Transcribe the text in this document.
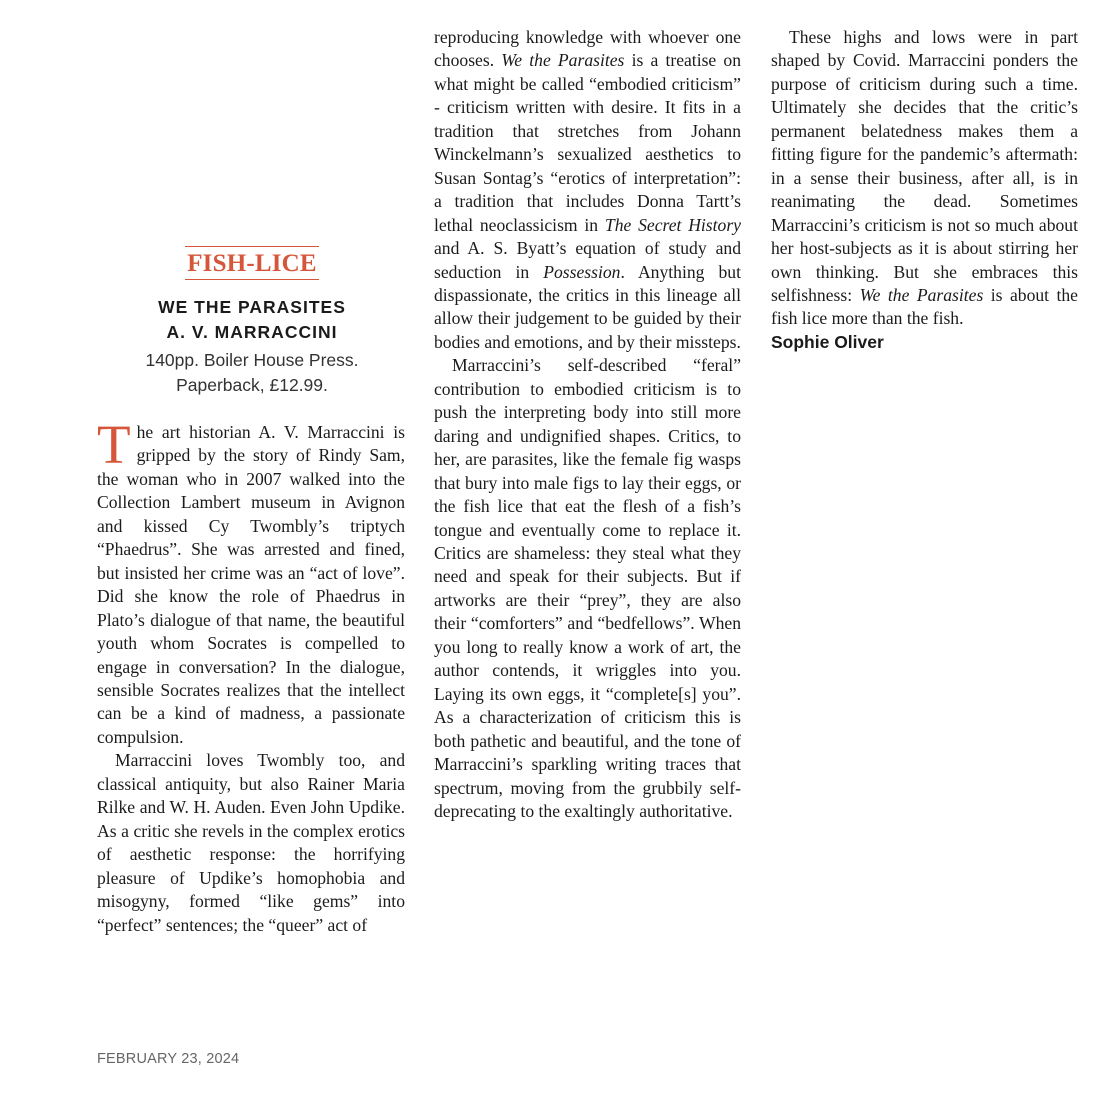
FISH-LICE
WE THE PARASITES
A. V. MARRACCINI
140pp. Boiler House Press.
Paperback, £12.99.

The art historian A. V. Marraccini is gripped by the story of Rindy Sam, the woman who in 2007 walked into the Collection Lambert museum in Avignon and kissed Cy Twombly’s triptych “Phaedrus”. She was arrested and fined, but insisted her crime was an “act of love”. Did she know the role of Phaedrus in Plato’s dialogue of that name, the beautiful youth whom Socrates is compelled to engage in conversation? In the dialogue, sensible Socrates realizes that the intellect can be a kind of madness, a passionate compulsion.

Marraccini loves Twombly too, and classical antiquity, but also Rainer Maria Rilke and W. H. Auden. Even John Updike. As a critic she revels in the complex erotics of aesthetic response: the horrifying pleasure of Updike’s homophobia and misogyny, formed “like gems” into “perfect” sentences; the “queer” act of

reproducing knowledge with whoever one chooses. We the Parasites is a treatise on what might be called “embodied criticism” - criticism written with desire. It fits in a tradition that stretches from Johann Winckelmann’s sexualized aesthetics to Susan Sontag’s “erotics of interpretation”: a tradition that includes Donna Tartt’s lethal neoclassicism in The Secret History and A. S. Byatt’s equation of study and seduction in Possession. Anything but dispassionate, the critics in this lineage all allow their judgement to be guided by their bodies and emotions, and by their missteps.

Marraccini’s self-described “feral” contribution to embodied criticism is to push the interpreting body into still more daring and undignified shapes. Critics, to her, are parasites, like the female fig wasps that bury into male figs to lay their eggs, or the fish lice that eat the flesh of a fish’s tongue and eventually come to replace it. Critics are shameless: they steal what they need and speak for their subjects. But if artworks are their “prey”, they are also their “comforters” and “bedfellows”. When you long to really know a work of art, the author contends, it wriggles into you. Laying its own eggs, it “complete[s] you”. As a characterization of criticism this is both pathetic and beautiful, and the tone of Marraccini’s sparkling writing traces that spectrum, moving from the grubbily self-deprecating to the exaltingly authoritative.

These highs and lows were in part shaped by Covid. Marraccini ponders the purpose of criticism during such a time. Ultimately she decides that the critic’s permanent belatedness makes them a fitting figure for the pandemic’s aftermath: in a sense their business, after all, is in reanimating the dead. Sometimes Marraccini’s criticism is not so much about her host-subjects as it is about stirring her own thinking. But she embraces this selfishness: We the Parasites is about the fish lice more than the fish.

Sophie Oliver
FEBRUARY 23, 2024
